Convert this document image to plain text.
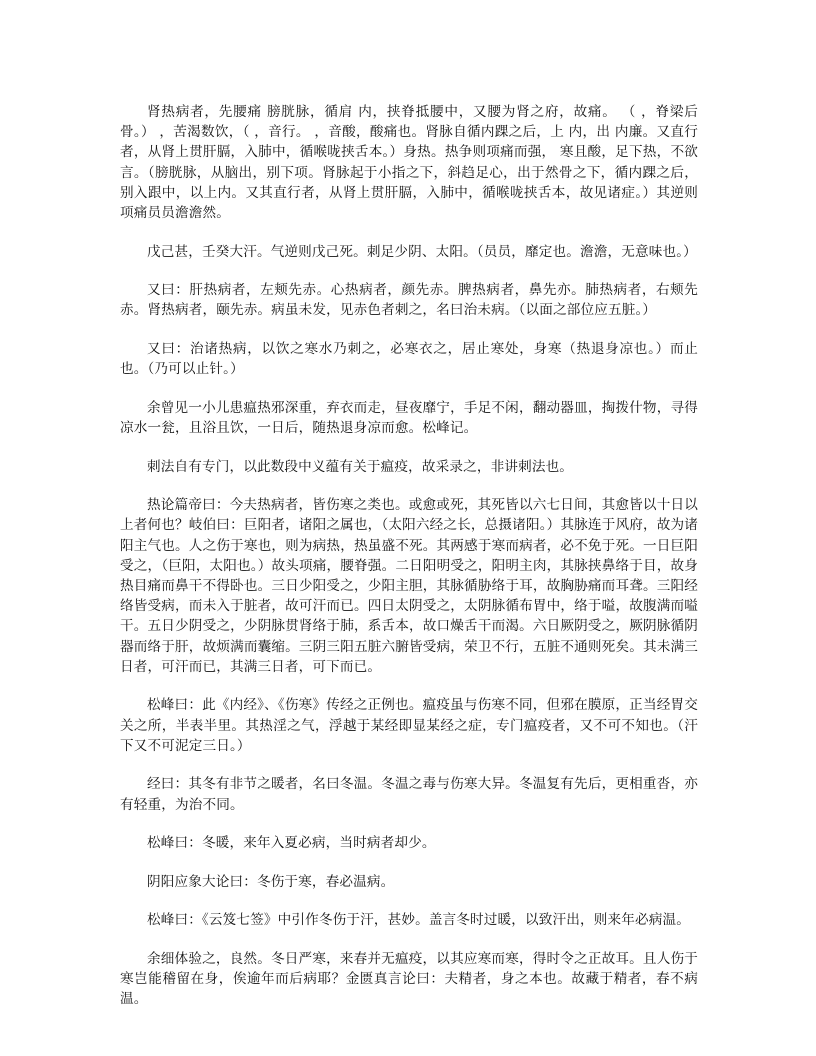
肾热病者，先腰痛 膀胱脉，循肩 内，挟脊抵腰中，又腰为肾之府，故痛。 （ ，脊梁后骨。） ，苦渴数饮，（ ，音行。 ，音酸，酸痛也。肾脉自循内踝之后，上 内，出 内廉。又直行者，从肾上贯肝膈，入肺中，循喉咙挟舌本。）身热。热争则项痛而强， 寒且酸，足下热，不欲言。（膀胱脉，从脑出，别下项。肾脉起于小指之下，斜趋足心，出于然骨之下，循内踝之后，别入跟中，以上内。又其直行者，从肾上贯肝膈，入肺中，循喉咙挟舌本，故见诸症。）其逆则项痛员员澹澹然。

戊己甚，壬癸大汗。气逆则戊己死。刺足少阴、太阳。（员员，靡定也。澹澹，无意味也。）

又曰：肝热病者，左颊先赤。心热病者，颜先赤。脾热病者，鼻先亦。肺热病者，右颊先赤。肾热病者，颐先赤。病虽未发，见赤色者刺之，名曰治未病。（以面之部位应五脏。）

又曰：治诸热病，以饮之寒水乃刺之，必寒衣之，居止寒处，身寒（热退身凉也。）而止也。（乃可以止针。）

余曾见一小儿患瘟热邪深重，弃衣而走，昼夜靡宁，手足不闲，翻动器皿，掏拨什物，寻得凉水一瓮，且浴且饮，一日后，随热退身凉而愈。松峰记。

刺法自有专门，以此数段中义蕴有关于瘟疫，故采录之，非讲刺法也。

热论篇帝曰：今夫热病者，皆伤寒之类也。或愈或死，其死皆以六七日间，其愈皆以十日以上者何也？岐伯曰：巨阳者，诸阳之属也，（太阳六经之长，总摄诸阳。）其脉连于风府，故为诸阳主气也。人之伤于寒也，则为病热，热虽盛不死。其两感于寒而病者，必不免于死。一日巨阳受之，（巨阳，太阳也。）故头项痛，腰脊强。二日阳明受之，阳明主肉，其脉挟鼻络于目，故身热目痛而鼻干不得卧也。三日少阳受之，少阳主胆，其脉循胁络于耳，故胸胁痛而耳聋。三阳经络皆受病，而未入于脏者，故可汗而已。四日太阴受之，太阴脉循布胃中，络于嗌，故腹满而嗌干。五日少阴受之，少阴脉贯肾络于肺，系舌本，故口燥舌干而渴。六日厥阴受之，厥阴脉循阴器而络于肝，故烦满而囊缩。三阴三阳五脏六腑皆受病，荣卫不行，五脏不通则死矣。其未满三日者，可汗而已，其满三日者，可下而已。

松峰曰：此《内经》、《伤寒》传经之正例也。瘟疫虽与伤寒不同，但邪在膜原，正当经胃交关之所，半表半里。其热淫之气，浮越于某经即显某经之症，专门瘟疫者，又不可不知也。（汗下又不可泥定三日。）

经曰：其冬有非节之暖者，名曰冬温。冬温之毒与伤寒大异。冬温复有先后，更相重沓，亦有轻重，为治不同。

松峰曰：冬暖，来年入夏必病，当时病者却少。

阴阳应象大论曰：冬伤于寒，春必温病。

松峰曰：《云笈七签》中引作冬伤于汗，甚妙。盖言冬时过暖，以致汗出，则来年必病温。

余细体验之，良然。冬日严寒，来春并无瘟疫，以其应寒而寒，得时令之正故耳。且人伤于寒岂能稽留在身，俟逾年而后病耶？金匮真言论曰：夫精者，身之本也。故藏于精者，春不病温。
